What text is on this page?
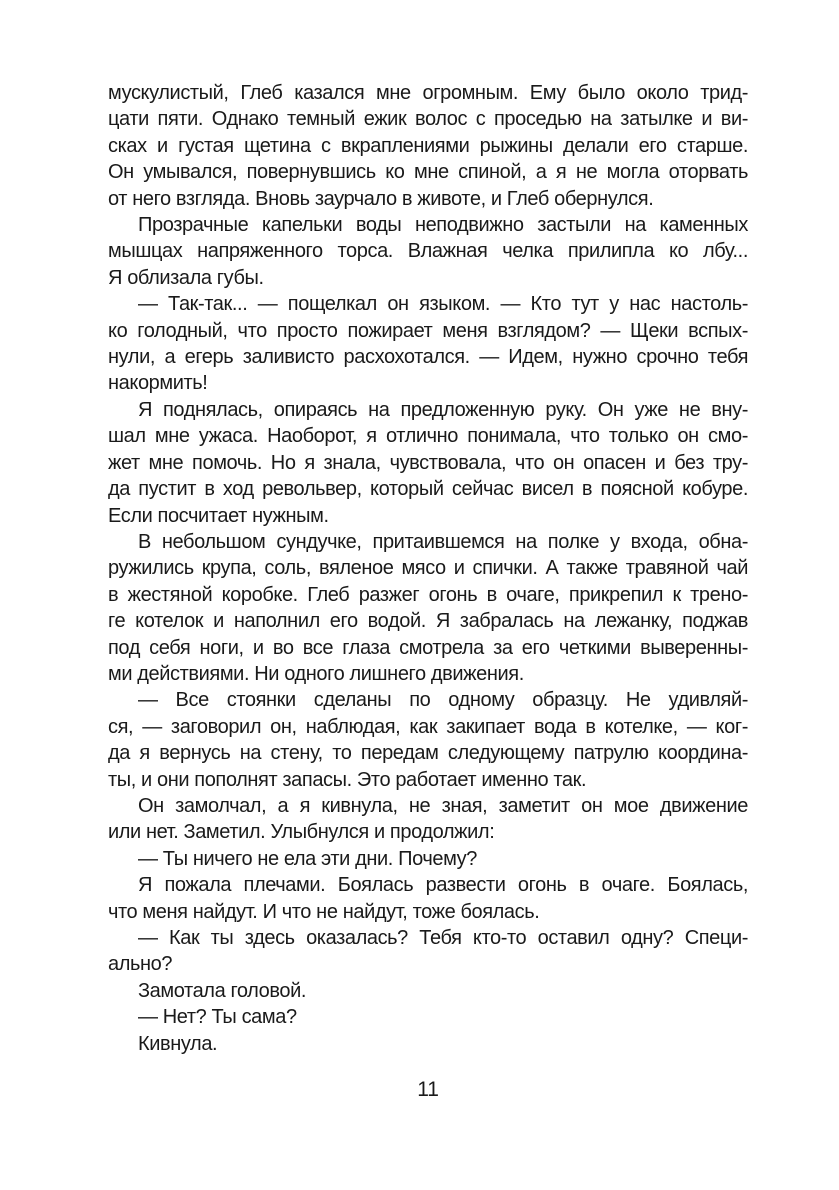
мускулистый, Глеб казался мне огромным. Ему было около трид-
цати пяти. Однако темный ежик волос с проседью на затылке и ви-
сках и густая щетина с вкраплениями рыжины делали его старше.
Он умывался, повернувшись ко мне спиной, а я не могла оторвать
от него взгляда. Вновь заурчало в животе, и Глеб обернулся.
Прозрачные капельки воды неподвижно застыли на каменных
мышцах напряженного торса. Влажная челка прилипла ко лбу...
Я облизала губы.
— Так-так... — пощелкал он языком. — Кто тут у нас настоль-
ко голодный, что просто пожирает меня взглядом? — Щеки вспых-
нули, а егерь заливисто расхохотался. — Идем, нужно срочно тебя
накормить!
Я поднялась, опираясь на предложенную руку. Он уже не вну-
шал мне ужаса. Наоборот, я отлично понимала, что только он смо-
жет мне помочь. Но я знала, чувствовала, что он опасен и без тру-
да пустит в ход револьвер, который сейчас висел в поясной кобуре.
Если посчитает нужным.
В небольшом сундучке, притаившемся на полке у входа, обна-
ружились крупа, соль, вяленое мясо и спички. А также травяной чай
в жестяной коробке. Глеб разжег огонь в очаге, прикрепил к трено-
ге котелок и наполнил его водой. Я забралась на лежанку, поджав
под себя ноги, и во все глаза смотрела за его четкими выверенны-
ми действиями. Ни одного лишнего движения.
— Все стоянки сделаны по одному образцу. Не удивляй-
ся, — заговорил он, наблюдая, как закипает вода в котелке, — ког-
да я вернусь на стену, то передам следующему патрулю координа-
ты, и они пополнят запасы. Это работает именно так.
Он замолчал, а я кивнула, не зная, заметит он мое движение
или нет. Заметил. Улыбнулся и продолжил:
— Ты ничего не ела эти дни. Почему?
Я пожала плечами. Боялась развести огонь в очаге. Боялась,
что меня найдут. И что не найдут, тоже боялась.
— Как ты здесь оказалась? Тебя кто-то оставил одну? Специ-
ально?
Замотала головой.
— Нет? Ты сама?
Кивнула.
11
